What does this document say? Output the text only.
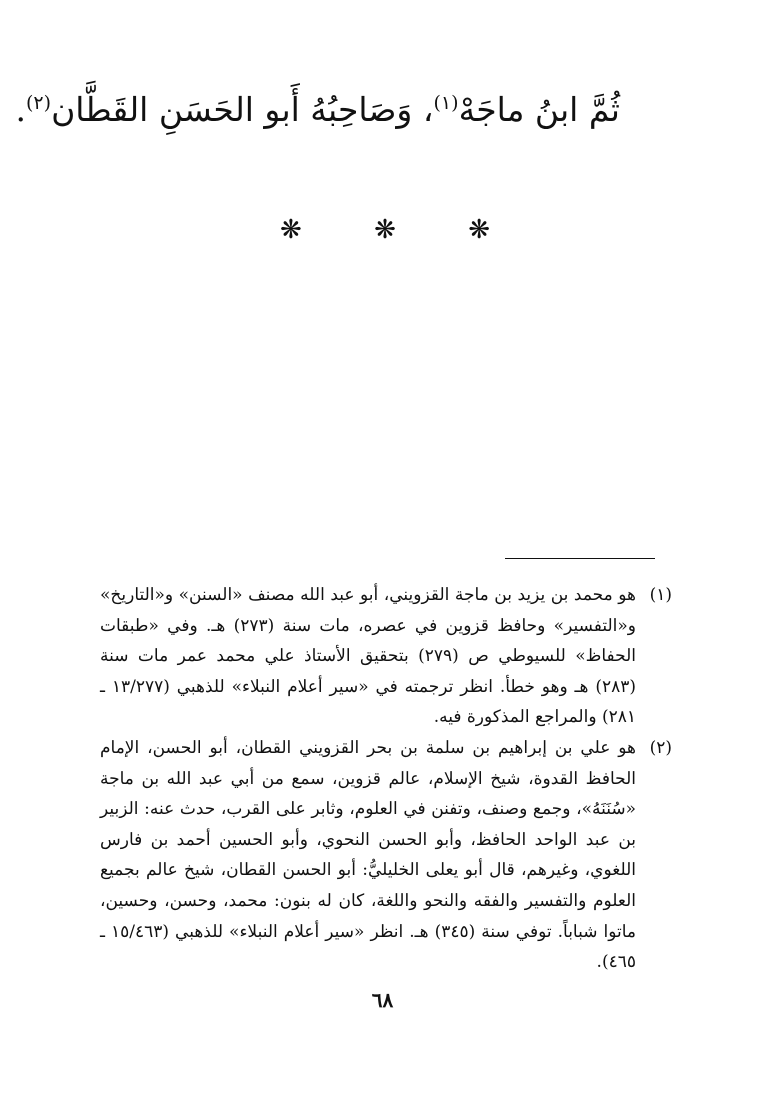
ثُمَّ ابنُ ماجَهْ$^{(١)}$، وَصَاحِبُهُ أَبو الحَسَنِ القَطَّان$^{(٢)}$.
❋
❋
❋

(١)
هو محمد بن يزيد بن ماجة القزويني، أبو عبد الله مصنف «السنن» و«التاريخ» و«التفسير» وحافظ قزوين في عصره، مات سنة (٢٧٣) هـ. وفي «طبقات الحفاظ» للسيوطي ص (٢٧٩) بتحقيق الأستاذ علي محمد عمر مات سنة (٢٨٣) هـ وهو خطأ. انظر ترجمته في «سير أعلام النبلاء» للذهبي (١٣/٢٧٧ ـ ٢٨١) والمراجع المذكورة فيه.

(٢)
هو علي بن إبراهيم بن سلمة بن بحر القزويني القطان، أبو الحسن، الإمام الحافظ القدوة، شيخ الإسلام، عالم قزوين، سمع من أبي عبد الله بن ماجة «سُنَنَهُ»، وجمع وصنف، وتفنن في العلوم، وثابر على القرب، حدث عنه: الزبير بن عبد الواحد الحافظ، وأبو الحسن النحوي، وأبو الحسين أحمد بن فارس اللغوي، وغيرهم، قال أبو يعلى الخليليُّ: أبو الحسن القطان، شيخ عالم بجميع العلوم والتفسير والفقه والنحو واللغة، كان له بنون: محمد، وحسن، وحسين، ماتوا شباباً. توفي سنة (٣٤٥) هـ. انظر «سير أعلام النبلاء» للذهبي (١٥/٤٦٣ ـ ٤٦٥).

٦٨
